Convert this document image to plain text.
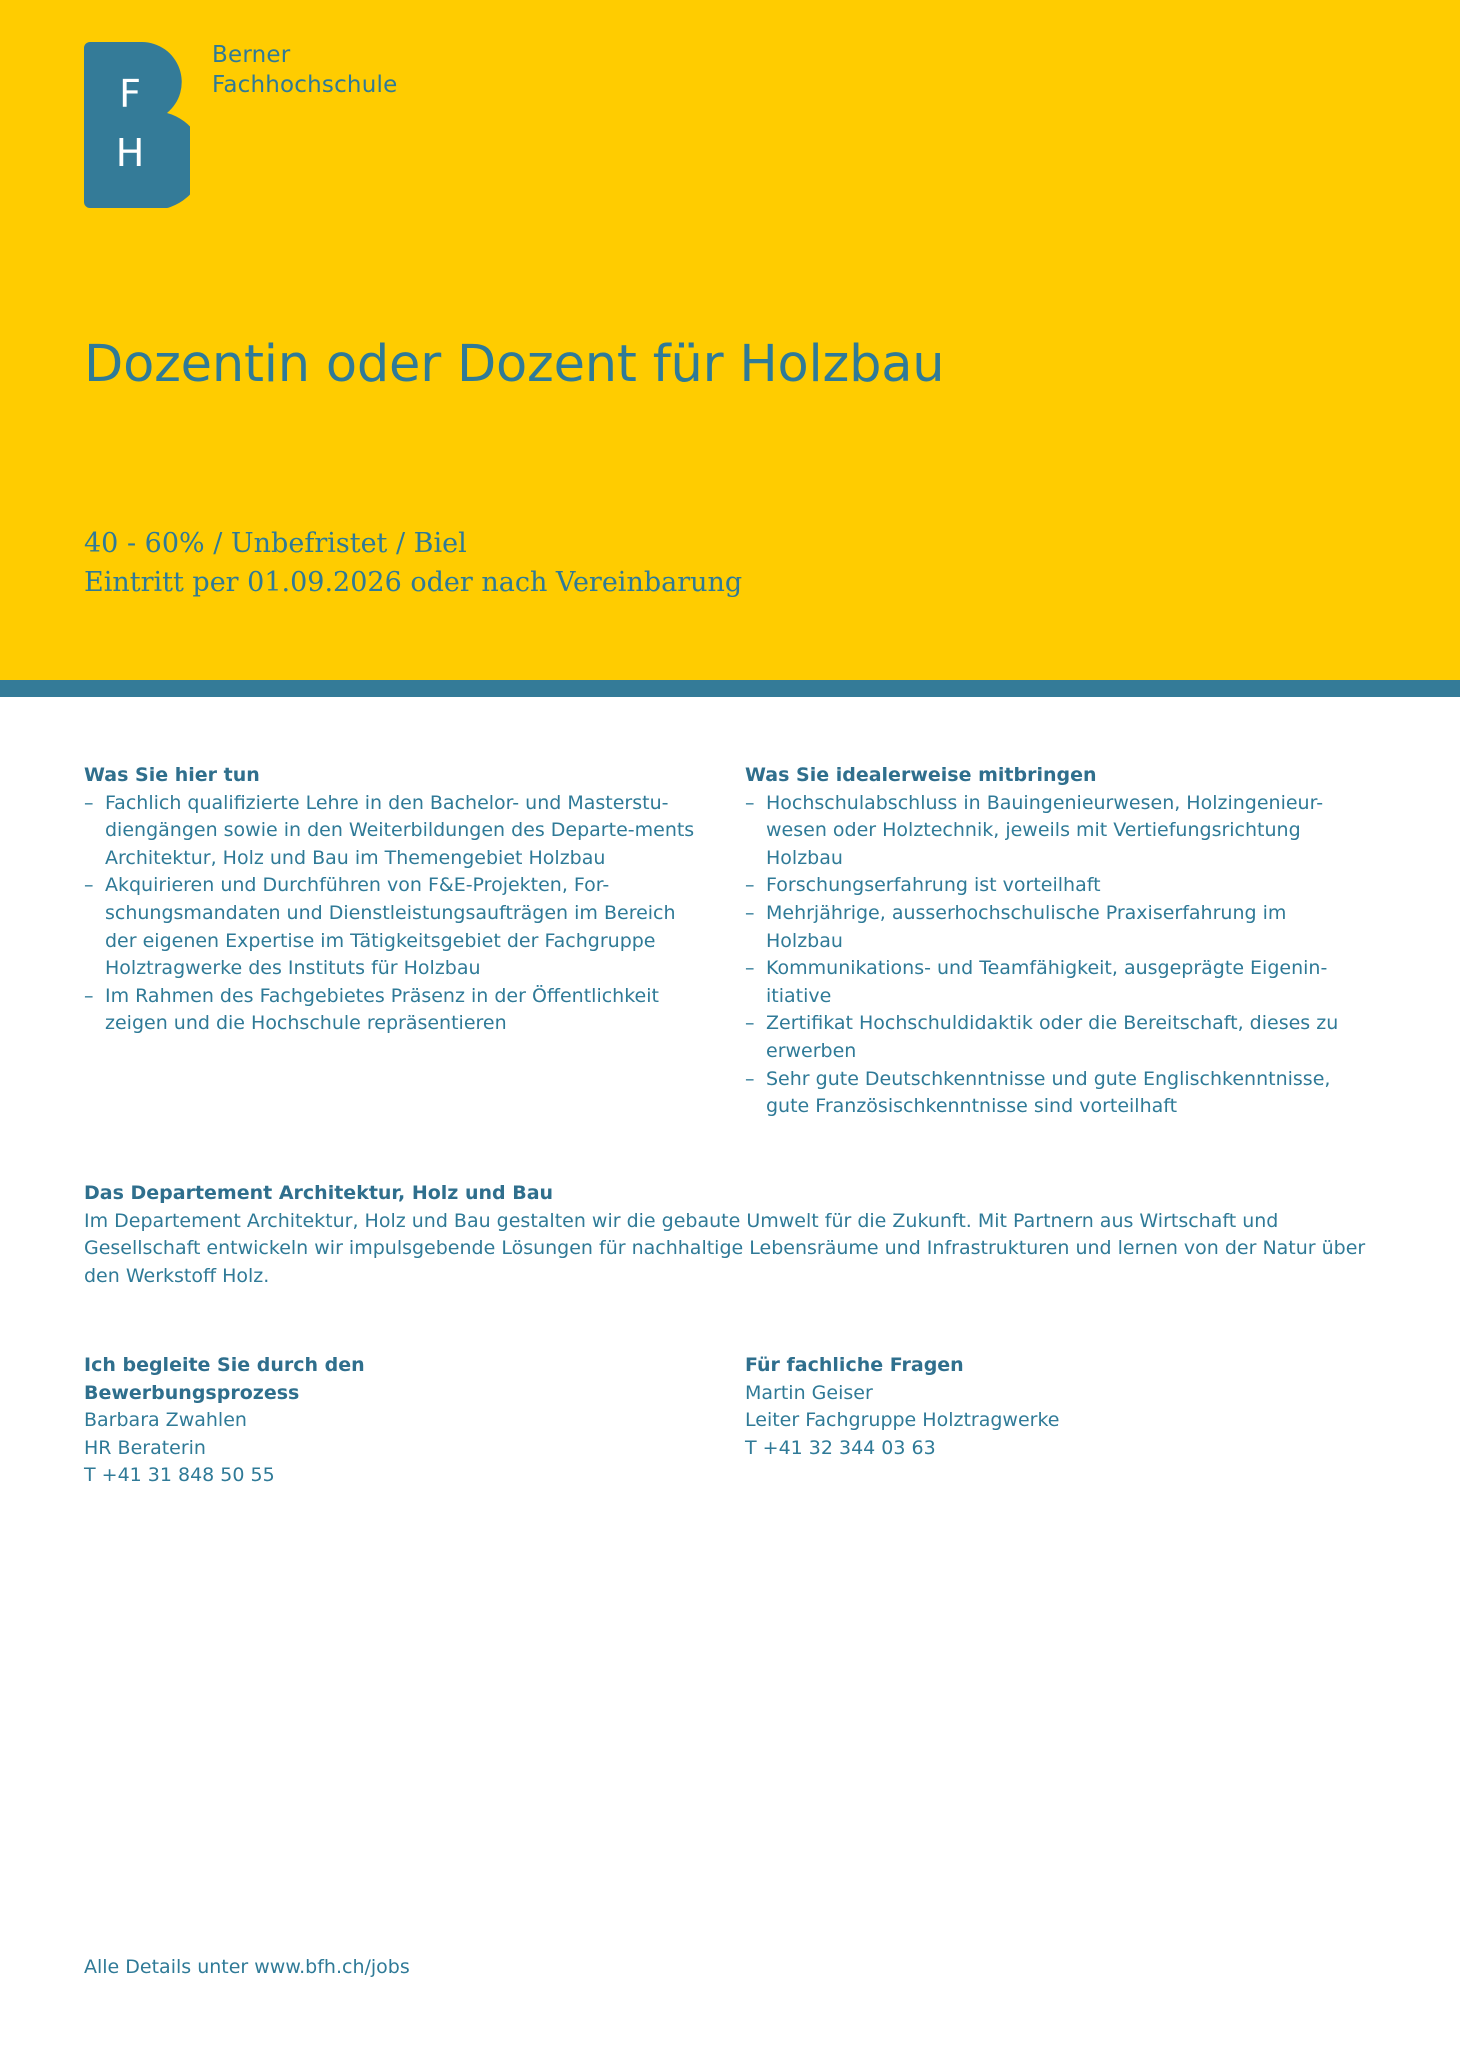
F
H
Berner
Fachhochschule
Dozentin oder Dozent für Holzbau
40 - 60% / Unbefristet / Biel
Eintritt per 01.09.2026 oder nach Vereinbarung
Was Sie hier tun
– Fachlich qualifizierte Lehre in den Bachelor- und Masterstu-diengängen sowie in den Weiterbildungen des Departe-ments Architektur, Holz und Bau im Themengebiet Holzbau
– Akquirieren und Durchführen von F&E-Projekten, For-schungsmandaten und Dienstleistungsaufträgen im Bereich der eigenen Expertise im Tätigkeitsgebiet der Fachgruppe Holztragwerke des Instituts für Holzbau
– Im Rahmen des Fachgebietes Präsenz in der Öffentlichkeit zeigen und die Hochschule repräsentieren
Was Sie idealerweise mitbringen
– Hochschulabschluss in Bauingenieurwesen, Holzingenieur-wesen oder Holztechnik, jeweils mit Vertiefungsrichtung Holzbau
– Forschungserfahrung ist vorteilhaft
– Mehrjährige, ausserhochschulische Praxiserfahrung im Holzbau
– Kommunikations- und Teamfähigkeit, ausgeprägte Eigenin-itiative
– Zertifikat Hochschuldidaktik oder die Bereitschaft, dieses zu erwerben
– Sehr gute Deutschkenntnisse und gute Englischkenntnisse, gute Französischkenntnisse sind vorteilhaft
Das Departement Architektur, Holz und Bau
Im Departement Architektur, Holz und Bau gestalten wir die gebaute Umwelt für die Zukunft. Mit Partnern aus Wirtschaft und Gesellschaft entwickeln wir impulsgebende Lösungen für nachhaltige Lebensräume und Infrastrukturen und lernen von der Natur über den Werkstoff Holz.
Ich begleite Sie durch den
Bewerbungsprozess
Barbara Zwahlen
HR Beraterin
T +41 31 848 50 55
Für fachliche Fragen
Martin Geiser
Leiter Fachgruppe Holztragwerke
T +41 32 344 03 63
Alle Details unter www.bfh.ch/jobs
